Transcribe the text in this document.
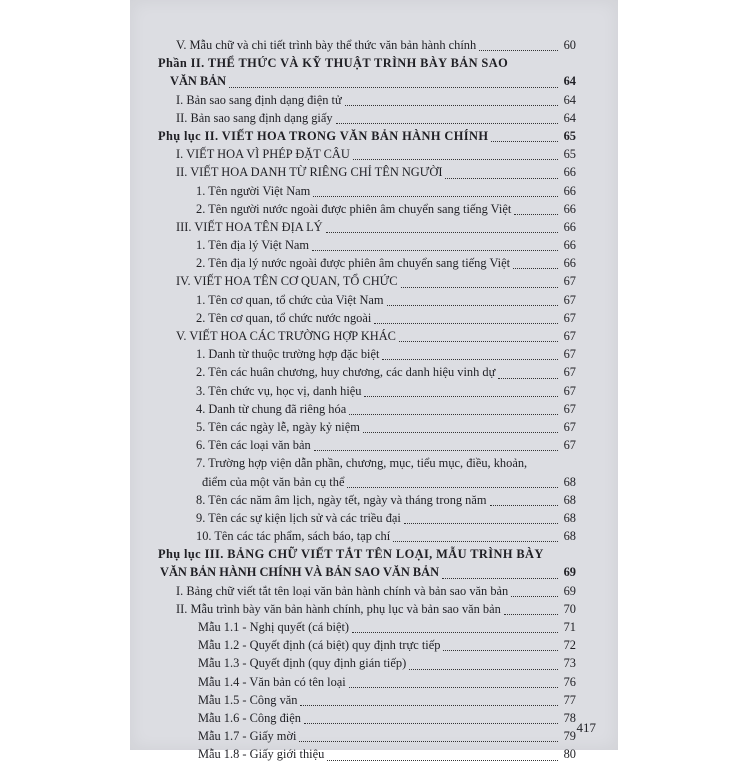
V. Mẫu chữ và chi tiết trình bày thể thức văn bản hành chính	60
Phần II. THỂ THỨC VÀ KỸ THUẬT TRÌNH BÀY BẢN SAO
VĂN BẢN	64
I. Bản sao sang định dạng điện tử	64
II. Bản sao sang định dạng giấy	64
Phụ lục II. VIẾT HOA TRONG VĂN BẢN HÀNH CHÍNH	65
I. VIẾT HOA VÌ PHÉP ĐẶT CÂU	65
II. VIẾT HOA DANH TỪ RIÊNG CHỈ TÊN NGƯỜI	66
1. Tên người Việt Nam	66
2. Tên người nước ngoài được phiên âm chuyển sang tiếng Việt	66
III. VIẾT HOA TÊN ĐỊA LÝ	66
1. Tên địa lý Việt Nam	66
2. Tên địa lý nước ngoài được phiên âm chuyển sang tiếng Việt	66
IV. VIẾT HOA TÊN CƠ QUAN, TỔ CHỨC	67
1. Tên cơ quan, tổ chức của Việt Nam	67
2. Tên cơ quan, tổ chức nước ngoài	67
V. VIẾT HOA CÁC TRƯỜNG HỢP KHÁC	67
1. Danh từ thuộc trường hợp đặc biệt	67
2. Tên các huân chương, huy chương, các danh hiệu vinh dự	67
3. Tên chức vụ, học vị, danh hiệu	67
4. Danh từ chung đã riêng hóa	67
5. Tên các ngày lễ, ngày kỷ niệm	67
6. Tên các loại văn bản	67
7. Trường hợp viện dẫn phần, chương, mục, tiểu mục, điều, khoản,
điểm của một văn bản cụ thể	68
8. Tên các năm âm lịch, ngày tết, ngày và tháng trong năm	68
9. Tên các sự kiện lịch sử và các triều đại	68
10. Tên các tác phẩm, sách báo, tạp chí	68
Phụ lục III. BẢNG CHỮ VIẾT TẮT TÊN LOẠI, MẪU TRÌNH BÀY
VĂN BẢN HÀNH CHÍNH VÀ BẢN SAO VĂN BẢN	69
I. Bảng chữ viết tắt tên loại văn bản hành chính và bản sao văn bản	69
II. Mẫu trình bày văn bản hành chính, phụ lục và bản sao văn bản	70
Mẫu 1.1 - Nghị quyết (cá biệt)	71
Mẫu 1.2 - Quyết định (cá biệt) quy định trực tiếp	72
Mẫu 1.3 - Quyết định (quy định gián tiếp)	73
Mẫu 1.4 - Văn bản có tên loại	76
Mẫu 1.5 - Công văn	77
Mẫu 1.6 - Công điện	78
Mẫu 1.7 - Giấy mời	79
Mẫu 1.8 - Giấy giới thiệu	80
417
